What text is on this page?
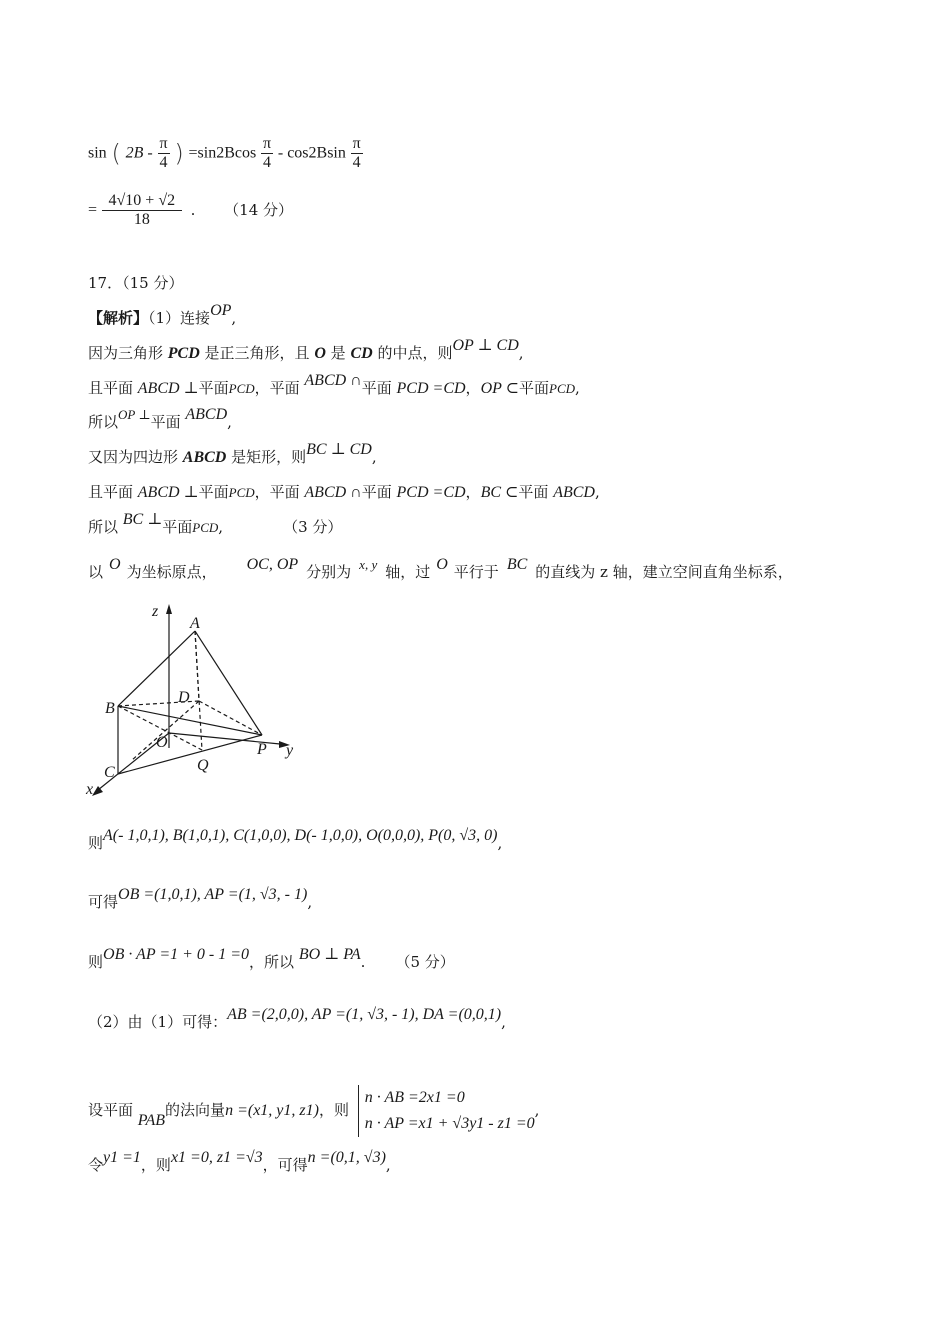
sin ( $2B - \frac{\pi}{4}$ ) $=\sin 2Bcos \frac{\pi}{4} - \cos 2Bsin \frac{\pi}{4}$
= $\frac{4√10 + √2}{18}$ . （14 分）
17．（15 分）
【解析】（1）连接OP,
因为三角形 PCD 是正三角形，且 O 是 CD 的中点，则OP ⊥ CD,
且平面 ABCD ⊥平面PCD，平面 ABCD ∩平面 PCD =CD，OP ⊂平面PCD,
所以OP ⊥平面 ABCD,
又因为四边形 ABCD 是矩形，则BC ⊥ CD,
且平面 ABCD ⊥平面PCD，平面 ABCD ∩平面 PCD =CD，BC ⊂平面 ABCD,
所以 BC ⊥平面PCD,	（3 分）
以 O 为坐标原点， OC, OP 分别为 x, y 轴，过 O 平行于 BC 的直线为 z 轴，建立空间直角坐标系，
z
A
D
B
O	P y
Q
C
x
则A(- 1,0,1), B(1,0,1), C(1,0,0), D(- 1,0,0), O(0,0,0), P(0, √3, 0),
可得OB =(1,0,1), AP =(1, √3, - 1),
则OB · AP =1 + 0 - 1 =0，所以 BO ⊥ PA. （5 分）
（2）由（1）可得：AB =(2,0,0), AP =(1, √3, - 1), DA =(0,0,1),
设平面 PAB的法向量n =(x1, y1, z1)，则
n · AB =2x1 =0
n · AP =x1 + √3y1 - z1 =0
,
令y1 =1，则x1 =0, z1 =√3，可得n =(0,1, √3),
